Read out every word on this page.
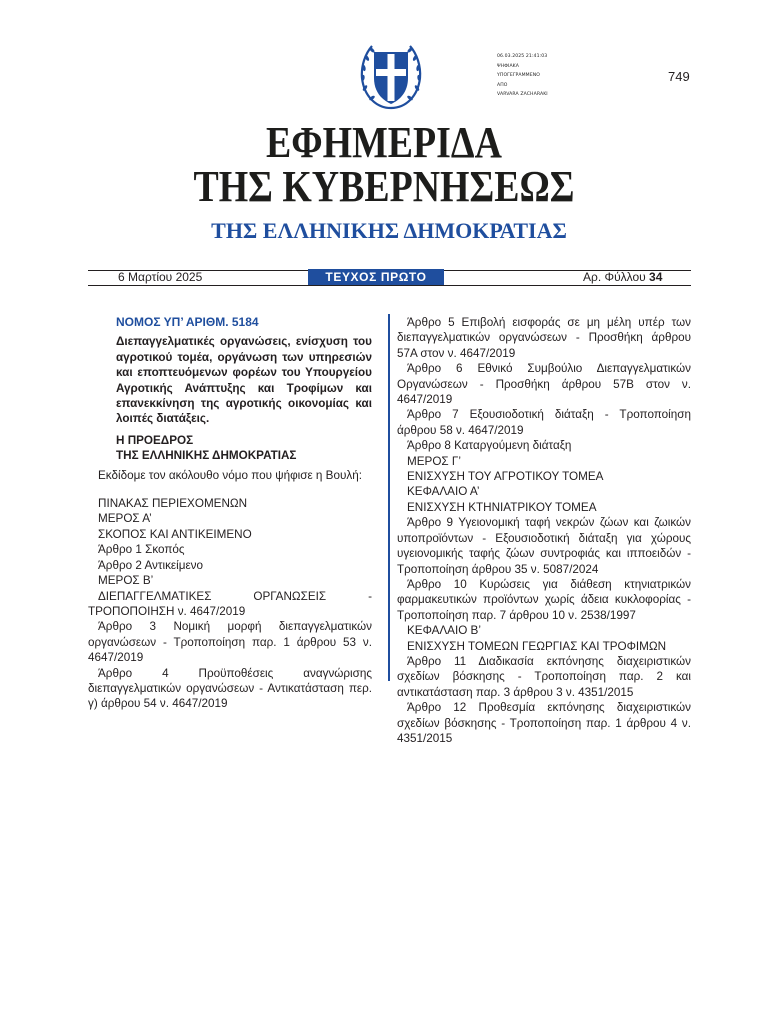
06.03.2025 21:41:03
ΨΗΦΙΑΚΑ
ΥΠΟΓΕΓΡΑΜΜΕΝΟ
ΑΠΟ
VARVARA ZACHARAKI
749
ΕΦΗΜΕΡΙΔΑ
ΤΗΣ ΚΥΒΕΡΝΗΣΕΩΣ
ΤΗΣ ΕΛΛΗΝΙΚΗΣ ΔΗΜΟΚΡΑΤΙΑΣ
6 Μαρτίου 2025	ΤΕΥΧΟΣ ΠΡΩΤΟ	Αρ. Φύλλου 34
ΝΟΜΟΣ ΥΠ’ ΑΡΙΘΜ. 5184
Διεπαγγελματικές οργανώσεις, ενίσχυση του αγροτικού τομέα, οργάνωση των υπηρεσιών και εποπτευόμενων φορέων του Υπουργείου Αγροτικής Ανάπτυξης και Τροφίμων και επανεκκίνηση της αγροτικής οικονομίας και λοιπές διατάξεις.
Η ΠΡΟΕΔΡΟΣ
ΤΗΣ ΕΛΛΗΝΙΚΗΣ ΔΗΜΟΚΡΑΤΙΑΣ
Εκδίδομε τον ακόλουθο νόμο που ψήφισε η Βουλή:
ΠΙΝΑΚΑΣ ΠΕΡΙΕΧΟΜΕΝΩΝ
ΜΕΡΟΣ Α’
ΣΚΟΠΟΣ ΚΑΙ ΑΝΤΙΚΕΙΜΕΝΟ
Άρθρο 1 Σκοπός
Άρθρο 2 Αντικείμενο
ΜΕΡΟΣ Β’
ΔΙΕΠΑΓΓΕΛΜΑΤΙΚΕΣ ΟΡΓΑΝΩΣΕΙΣ - ΤΡΟΠΟΠΟΙΗΣΗ ν. 4647/2019
Άρθρο 3 Νομική μορφή διεπαγγελματικών οργανώσεων - Τροποποίηση παρ. 1 άρθρου 53 ν. 4647/2019
Άρθρο 4 Προϋποθέσεις αναγνώρισης διεπαγγελματικών οργανώσεων - Αντικατάσταση περ. γ) άρθρου 54 ν. 4647/2019
Άρθρο 5 Επιβολή εισφοράς σε μη μέλη υπέρ των διεπαγγελματικών οργανώσεων - Προσθήκη άρθρου 57Α στον ν. 4647/2019
Άρθρο 6 Εθνικό Συμβούλιο Διεπαγγελματικών Οργανώσεων - Προσθήκη άρθρου 57Β στον ν. 4647/2019
Άρθρο 7 Εξουσιοδοτική διάταξη - Τροποποίηση άρθρου 58 ν. 4647/2019
Άρθρο 8 Καταργούμενη διάταξη
ΜΕΡΟΣ Γ’
ΕΝΙΣΧΥΣΗ ΤΟΥ ΑΓΡΟΤΙΚΟΥ ΤΟΜΕΑ
ΚΕΦΑΛΑΙΟ Α’
ΕΝΙΣΧΥΣΗ ΚΤΗΝΙΑΤΡΙΚΟΥ ΤΟΜΕΑ
Άρθρο 9 Υγειονομική ταφή νεκρών ζώων και ζωικών υποπροϊόντων - Εξουσιοδοτική διάταξη για χώρους υγειονομικής ταφής ζώων συντροφιάς και ιπποειδών - Τροποποίηση άρθρου 35 ν. 5087/2024
Άρθρο 10 Κυρώσεις για διάθεση κτηνιατρικών φαρμακευτικών προϊόντων χωρίς άδεια κυκλοφορίας - Τροποποίηση παρ. 7 άρθρου 10 ν. 2538/1997
ΚΕΦΑΛΑΙΟ Β’
ΕΝΙΣΧΥΣΗ ΤΟΜΕΩΝ ΓΕΩΡΓΙΑΣ ΚΑΙ ΤΡΟΦΙΜΩΝ
Άρθρο 11 Διαδικασία εκπόνησης διαχειριστικών σχεδίων βόσκησης - Τροποποίηση παρ. 2 και αντικατάσταση παρ. 3 άρθρου 3 ν. 4351/2015
Άρθρο 12 Προθεσμία εκπόνησης διαχειριστικών σχεδίων βόσκησης - Τροποποίηση παρ. 1 άρθρου 4 ν. 4351/2015
